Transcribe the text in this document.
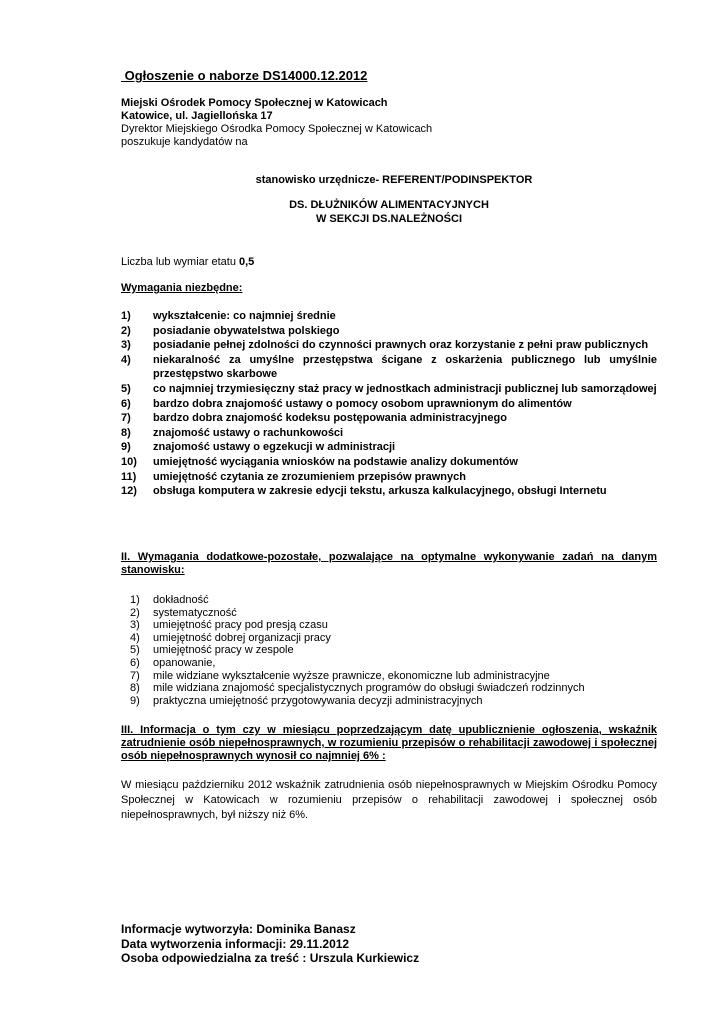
Ogłoszenie o naborze DS14000.12.2012
Miejski Ośrodek Pomocy Społecznej w Katowicach
Katowice, ul. Jagiellońska 17
Dyrektor Miejskiego Ośrodka Pomocy Społecznej w Katowicach
poszukuje kandydatów na
stanowisko urzędnicze- REFERENT/PODINSPEKTOR
DS. DŁUŻNIKÓW ALIMENTACYJNYCH
W SEKCJI DS.NALEŻNOŚCI
Liczba lub wymiar etatu 0,5
Wymagania niezbędne:
1)	wykształcenie: co najmniej średnie
2)	posiadanie obywatelstwa polskiego
3)	posiadanie pełnej zdolności do czynności prawnych oraz korzystanie z pełni praw publicznych
4)	niekaralność za umyślne przestępstwa ścigane z oskarżenia publicznego lub umyślnie przestępstwo skarbowe
5)	co najmniej trzymiesięczny staż pracy w jednostkach administracji publicznej lub samorządowej
6)	bardzo dobra znajomość ustawy o pomocy osobom uprawnionym do alimentów
7)	bardzo dobra znajomość kodeksu postępowania administracyjnego
8)	znajomość ustawy o rachunkowości
9)	znajomość ustawy o egzekucji w administracji
10)	umiejętność wyciągania wniosków na podstawie analizy dokumentów
11)	umiejętność czytania ze zrozumieniem przepisów prawnych
12)	obsługa komputera w zakresie edycji tekstu, arkusza kalkulacyjnego, obsługi Internetu
II. Wymagania dodatkowe-pozostałe, pozwalające na optymalne wykonywanie zadań na danym stanowisku:
1)	dokładność
2)	systematyczność
3)	umiejętność pracy pod presją czasu
4)	umiejętność dobrej organizacji pracy
5)	umiejętność pracy w zespole
6)	opanowanie,
7)	mile widziane wykształcenie wyższe prawnicze, ekonomiczne lub administracyjne
8)	mile widziana znajomość specjalistycznych programów do obsługi świadczeń rodzinnych
9)	praktyczna umiejętność przygotowywania decyzji administracyjnych
III. Informacja o tym czy w miesiącu poprzedzającym datę upublicznienie ogłoszenia, wskaźnik zatrudnienie osób niepełnosprawnych, w rozumieniu przepisów o rehabilitacji zawodowej i społecznej osób niepełnosprawnych wynosił co najmniej 6% :
W miesiącu październiku 2012 wskaźnik zatrudnienia osób niepełnosprawnych w Miejskim Ośrodku Pomocy Społecznej w Katowicach w rozumieniu przepisów o rehabilitacji zawodowej i społecznej osób niepełnosprawnych, był niższy niż 6%.
Informacje wytworzyła: Dominika Banasz
Data wytworzenia informacji: 29.11.2012
Osoba odpowiedzialna za treść : Urszula Kurkiewicz
